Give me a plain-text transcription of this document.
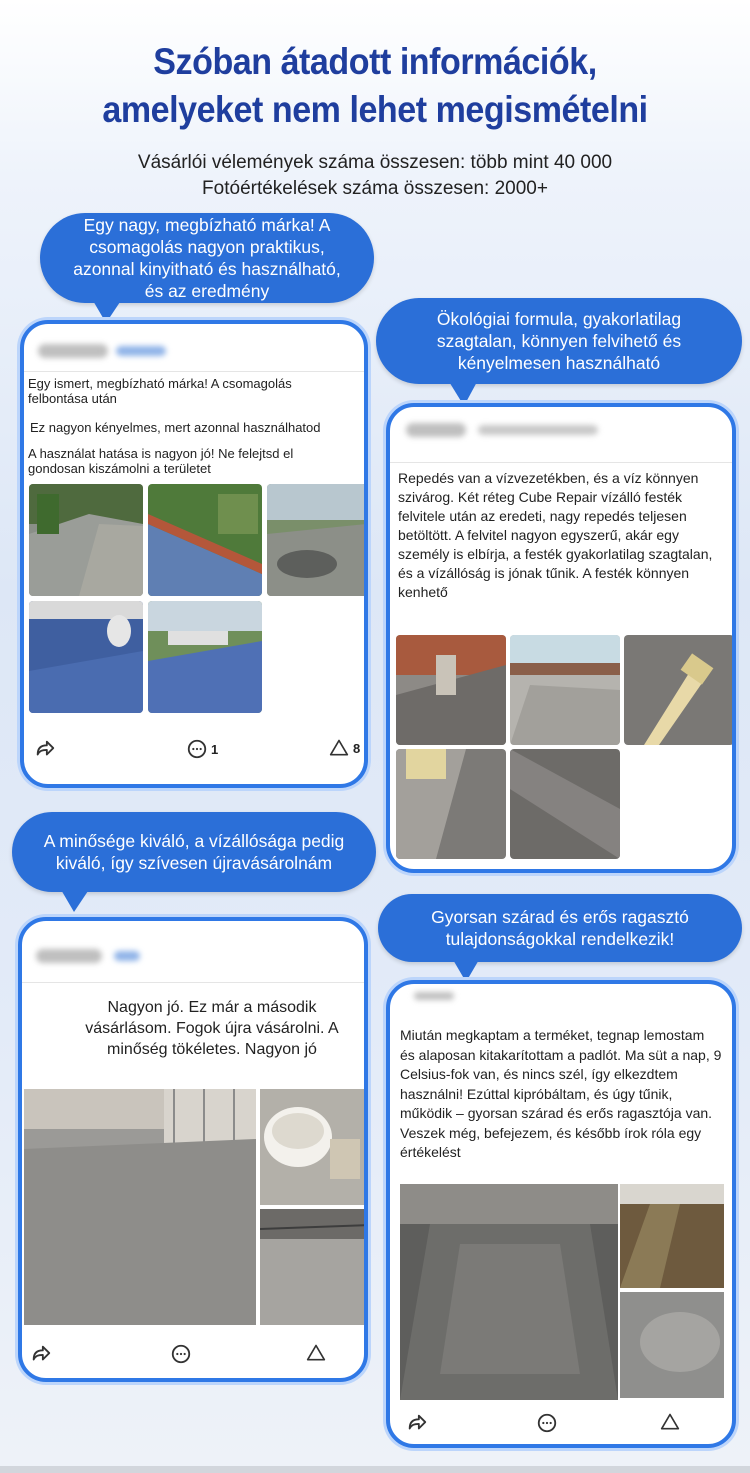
Szóban átadott információk,
amelyeket nem lehet megismételni
Vásárlói vélemények száma összesen: több mint 40 000
Fotóértékelések száma összesen: 2000+
Egy nagy, megbízható márka! A csomagolás nagyon praktikus, azonnal kinyitható és használható, és az eredmény
Egy ismert, megbízható márka! A csomagolás felbontása után
Ez nagyon kényelmes, mert azonnal használhatod
A használat hatása is nagyon jó! Ne felejtsd el gondosan kiszámolni a területet
1	8
Ökológiai formula, gyakorlatilag szagtalan, könnyen felvihető és kényelmesen használható
Repedés van a vízvezetékben, és a víz könnyen szivárog. Két réteg Cube Repair vízálló festék felvitele után az eredeti, nagy repedés teljesen betöltött. A felvitel nagyon egyszerű, akár egy személy is elbírja, a festék gyakorlatilag szagtalan, és a vízállóság is jónak tűnik. A festék könnyen kenhető
A minősége kiváló, a vízállósága pedig kiváló, így szívesen újravásárolnám
Nagyon jó. Ez már a második vásárlásom. Fogok újra vásárolni. A minőség tökéletes. Nagyon jó
Gyorsan szárad és erős ragasztó tulajdonságokkal rendelkezik!
Miután megkaptam a terméket, tegnap lemostam és alaposan kitakarítottam a padlót. Ma süt a nap, 9 Celsius-fok van, és nincs szél, így elkezdtem használni! Ezúttal kipróbáltam, és úgy tűnik, működik – gyorsan szárad és erős ragasztója van. Veszek még, befejezem, és később írok róla egy értékelést
